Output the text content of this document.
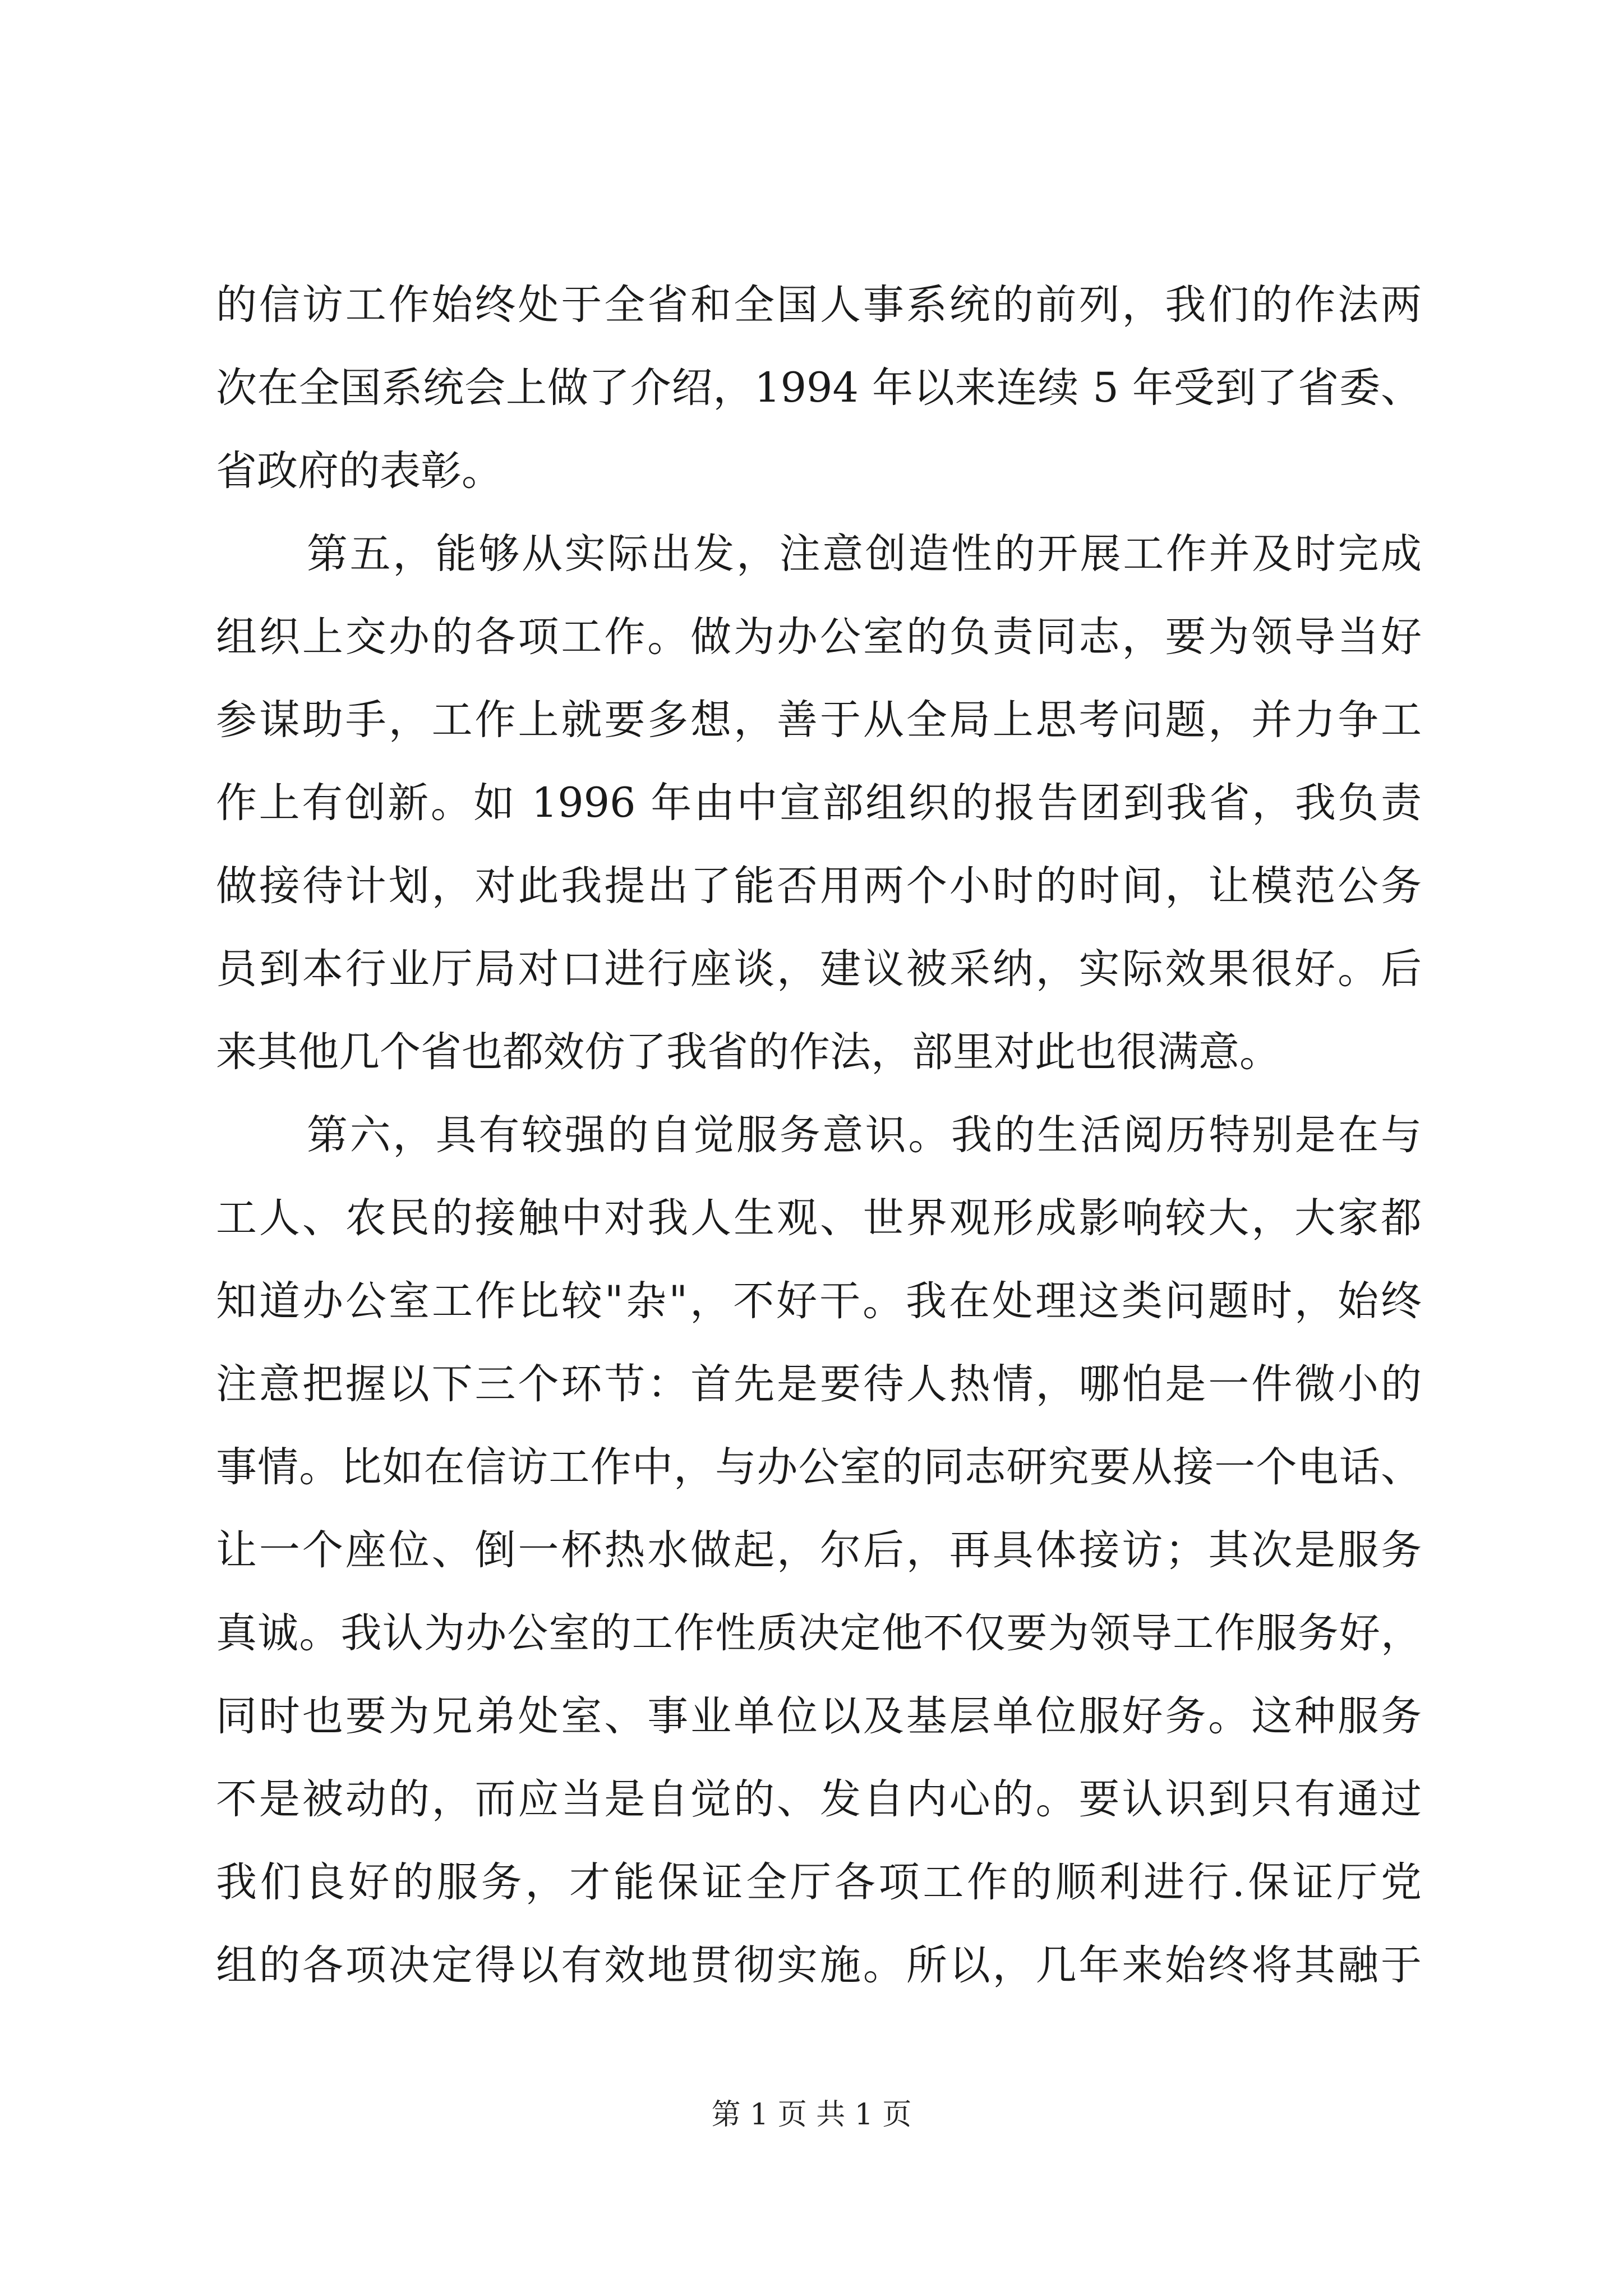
的信访工作始终处于全省和全国人事系统的前列，我们的作法两
次在全国系统会上做了介绍，1994 年以来连续 5 年受到了省委、
省政府的表彰。
第五，能够从实际出发，注意创造性的开展工作并及时完成
组织上交办的各项工作。做为办公室的负责同志，要为领导当好
参谋助手，工作上就要多想，善于从全局上思考问题，并力争工
作上有创新。如 1996 年由中宣部组织的报告团到我省，我负责
做接待计划，对此我提出了能否用两个小时的时间，让模范公务
员到本行业厅局对口进行座谈，建议被采纳，实际效果很好。后
来其他几个省也都效仿了我省的作法，部里对此也很满意。
第六，具有较强的自觉服务意识。我的生活阅历特别是在与
工人、农民的接触中对我人生观、世界观形成影响较大，大家都
知道办公室工作比较"杂"，不好干。我在处理这类问题时，始终
注意把握以下三个环节：首先是要待人热情，哪怕是一件微小的
事情。比如在信访工作中，与办公室的同志研究要从接一个电话、
让一个座位、倒一杯热水做起，尔后，再具体接访；其次是服务
真诚。我认为办公室的工作性质决定他不仅要为领导工作服务好，
同时也要为兄弟处室、事业单位以及基层单位服好务。这种服务
不是被动的，而应当是自觉的、发自内心的。要认识到只有通过
我们良好的服务，才能保证全厅各项工作的顺利进行.保证厅党
组的各项决定得以有效地贯彻实施。所以，几年来始终将其融于
第 1 页 共 1 页
